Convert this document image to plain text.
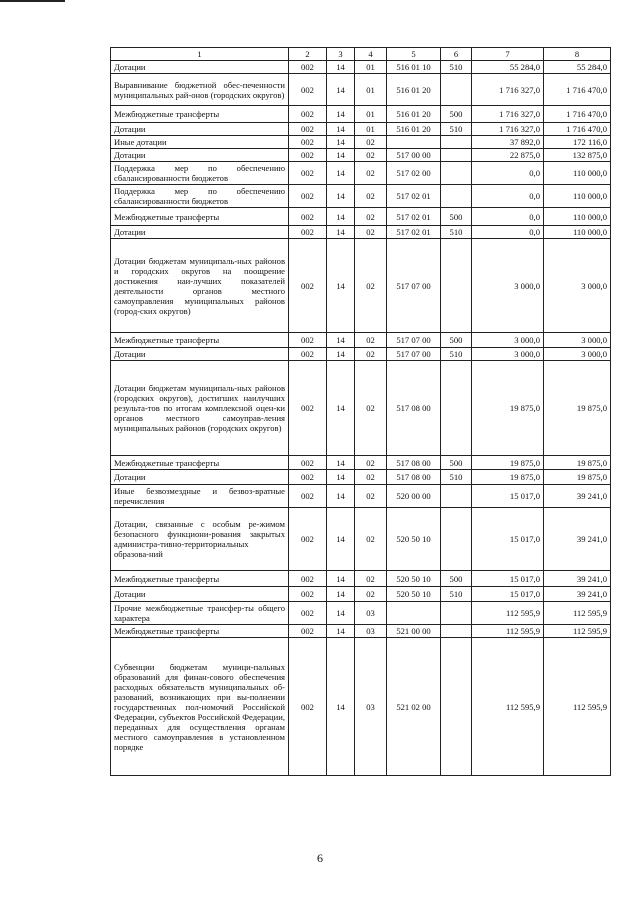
1	2	3	4	5	6	7	8
Дотации	002	14	01	516 01 10	510	55 284,0	55 284,0
Выравнивание бюджетной обес-печенности муниципальных рай-онов (городских округов)	002	14	01	516 01 20		1 716 327,0	1 716 470,0
Межбюджетные трансферты	002	14	01	516 01 20	500	1 716 327,0	1 716 470,0
Дотации	002	14	01	516 01 20	510	1 716 327,0	1 716 470,0
Иные дотации	002	14	02			37 892,0	172 116,0
Дотации	002	14	02	517 00 00		22 875,0	132 875,0
Поддержка мер по обеспечению сбалансированности бюджетов	002	14	02	517 02 00		0,0	110 000,0
Поддержка мер по обеспечению сбалансированности бюджетов	002	14	02	517 02 01		0,0	110 000,0
Межбюджетные трансферты	002	14	02	517 02 01	500	0,0	110 000,0
Дотации	002	14	02	517 02 01	510	0,0	110 000,0
Дотации бюджетам муниципаль-ных районов и городских округов на поощрение достижения наи-лучших показателей деятельности органов местного самоуправления муниципальных районов (город-ских округов)	002	14	02	517 07 00		3 000,0	3 000,0
Межбюджетные трансферты	002	14	02	517 07 00	500	3 000,0	3 000,0
Дотации	002	14	02	517 07 00	510	3 000,0	3 000,0
Дотации бюджетам муниципаль-ных районов (городских округов), достигших наилучших результа-тов по итогам комплексной оцен-ки органов местного самоуправ-ления муниципальных районов (городских округов)	002	14	02	517 08 00		19 875,0	19 875,0
Межбюджетные трансферты	002	14	02	517 08 00	500	19 875,0	19 875,0
Дотации	002	14	02	517 08 00	510	19 875,0	19 875,0
Иные безвозмездные и безвоз-вратные перечисления	002	14	02	520 00 00		15 017,0	39 241,0
Дотации, связанные с особым ре-жимом безопасного функциони-рования закрытых администра-тивно-территориальных образова-ний	002	14	02	520 50 10		15 017,0	39 241,0
Межбюджетные трансферты	002	14	02	520 50 10	500	15 017,0	39 241,0
Дотации	002	14	02	520 50 10	510	15 017,0	39 241,0
Прочие межбюджетные трансфер-ты общего характера	002	14	03			112 595,9	112 595,9
Межбюджетные трансферты	002	14	03	521 00 00		112 595,9	112 595,9
Субвенции бюджетам муници-пальных образований для финан-сового обеспечения расходных обязательств муниципальных об-разований, возникающих при вы-полнении государственных пол-номочий Российской Федерации, субъектов Российской Федерации, переданных для осуществления органам местного самоуправления в установленном порядке	002	14	03	521 02 00		112 595,9	112 595,9
6
